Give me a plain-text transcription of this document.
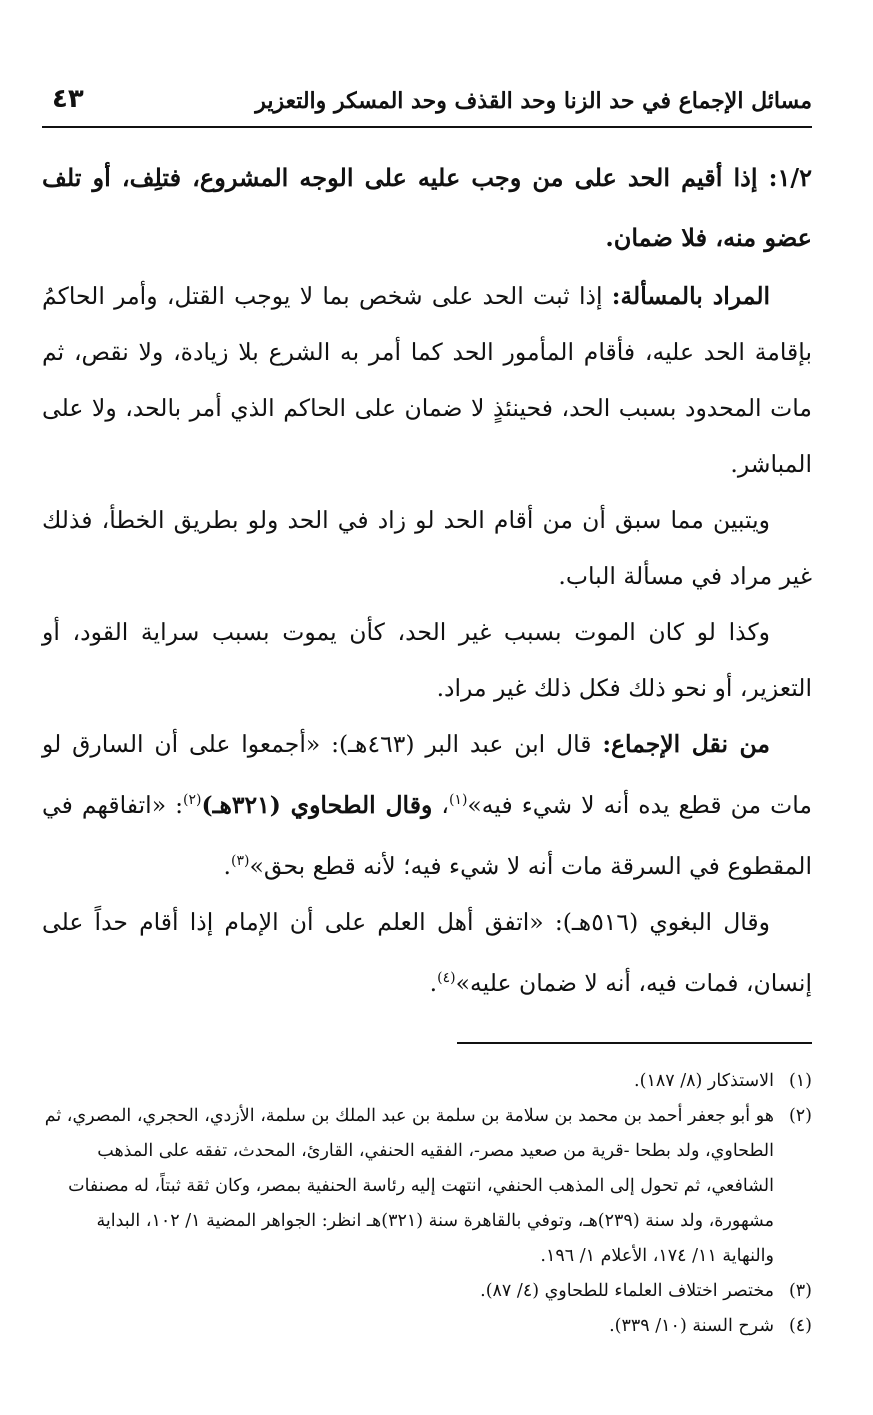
مسائل الإجماع في حد الزنا وحد القذف وحد المسكر والتعزير
٤٣
١/٢: إذا أقيم الحد على من وجب عليه على الوجه المشروع، فتلِف، أو تلف عضو منه، فلا ضمان.

المراد بالمسألة: إذا ثبت الحد على شخص بما لا يوجب القتل، وأمر الحاكمُ بإقامة الحد عليه، فأقام المأمور الحد كما أمر به الشرع بلا زيادة، ولا نقص، ثم مات المحدود بسبب الحد، فحينئذٍ لا ضمان على الحاكم الذي أمر بالحد، ولا على المباشر.

ويتبين مما سبق أن من أقام الحد لو زاد في الحد ولو بطريق الخطأ، فذلك غير مراد في مسألة الباب.

وكذا لو كان الموت بسبب غير الحد، كأن يموت بسبب سراية القود، أو التعزير، أو نحو ذلك فكل ذلك غير مراد.

من نقل الإجماع: قال ابن عبد البر (٤٦٣هـ): «أجمعوا على أن السارق لو مات من قطع يده أنه لا شيء فيه»$^{(١)}$، وقال الطحاوي (٣٢١هـ)$^{(٢)}$: «اتفاقهم في المقطوع في السرقة مات أنه لا شيء فيه؛ لأنه قطع بحق»$^{(٣)}$.

وقال البغوي (٥١٦هـ): «اتفق أهل العلم على أن الإمام إذا أقام حداً على إنسان، فمات فيه، أنه لا ضمان عليه»$^{(٤)}$.

(١)
الاستذكار (٨/ ١٨٧).

(٢)
هو أبو جعفر أحمد بن محمد بن سلامة بن سلمة بن عبد الملك بن سلمة، الأزدي، الحجري، المصري، ثم الطحاوي، ولد بطحا -قرية من صعيد مصر-، الفقيه الحنفي، القارئ، المحدث، تفقه على المذهب الشافعي، ثم تحول إلى المذهب الحنفي، انتهت إليه رئاسة الحنفية بمصر، وكان ثقة ثبتاً، له مصنفات مشهورة، ولد سنة (٢٣٩)هـ، وتوفي بالقاهرة سنة (٣٢١)هـ انظر: الجواهر المضية ١/ ١٠٢، البداية والنهاية ١١/ ١٧٤، الأعلام ١/ ١٩٦.

(٣)
مختصر اختلاف العلماء للطحاوي (٤/ ٨٧).

(٤)
شرح السنة (١٠/ ٣٣٩).
